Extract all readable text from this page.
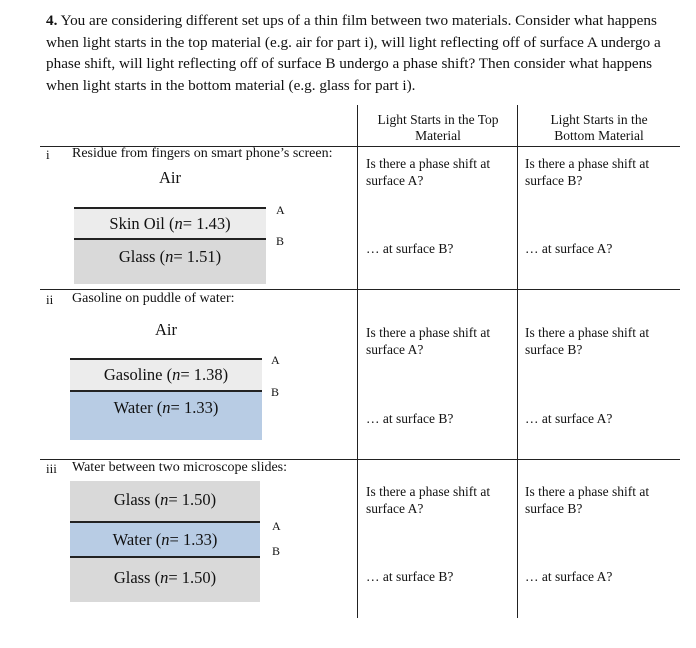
4. You are considering different set ups of a thin film between two materials. Consider what happens when light starts in the top material (e.g. air for part i), will light reflecting off of surface A undergo a phase shift, will light reflecting off of surface B undergo a phase shift? Then consider what happens when light starts in the bottom material (e.g. glass for part i).
Light Starts in the Top Material
Light Starts in the Bottom Material
i Residue from fingers on smart phone’s screen:
Air
Skin Oil ( n = 1.43)
Glass ( n = 1.51)
A
B
Is there a phase shift at surface A?
… at surface B?
Is there a phase shift at surface B?
… at surface A?
ii Gasoline on puddle of water:
Air
Gasoline ( n = 1.38)
Water ( n = 1.33)
A
B
Is there a phase shift at surface A?
… at surface B?
Is there a phase shift at surface B?
… at surface A?
iii Water between two microscope slides:
Glass ( n = 1.50)
Water ( n = 1.33)
Glass ( n = 1.50)
A
B
Is there a phase shift at surface A?
… at surface B?
Is there a phase shift at surface B?
… at surface A?
